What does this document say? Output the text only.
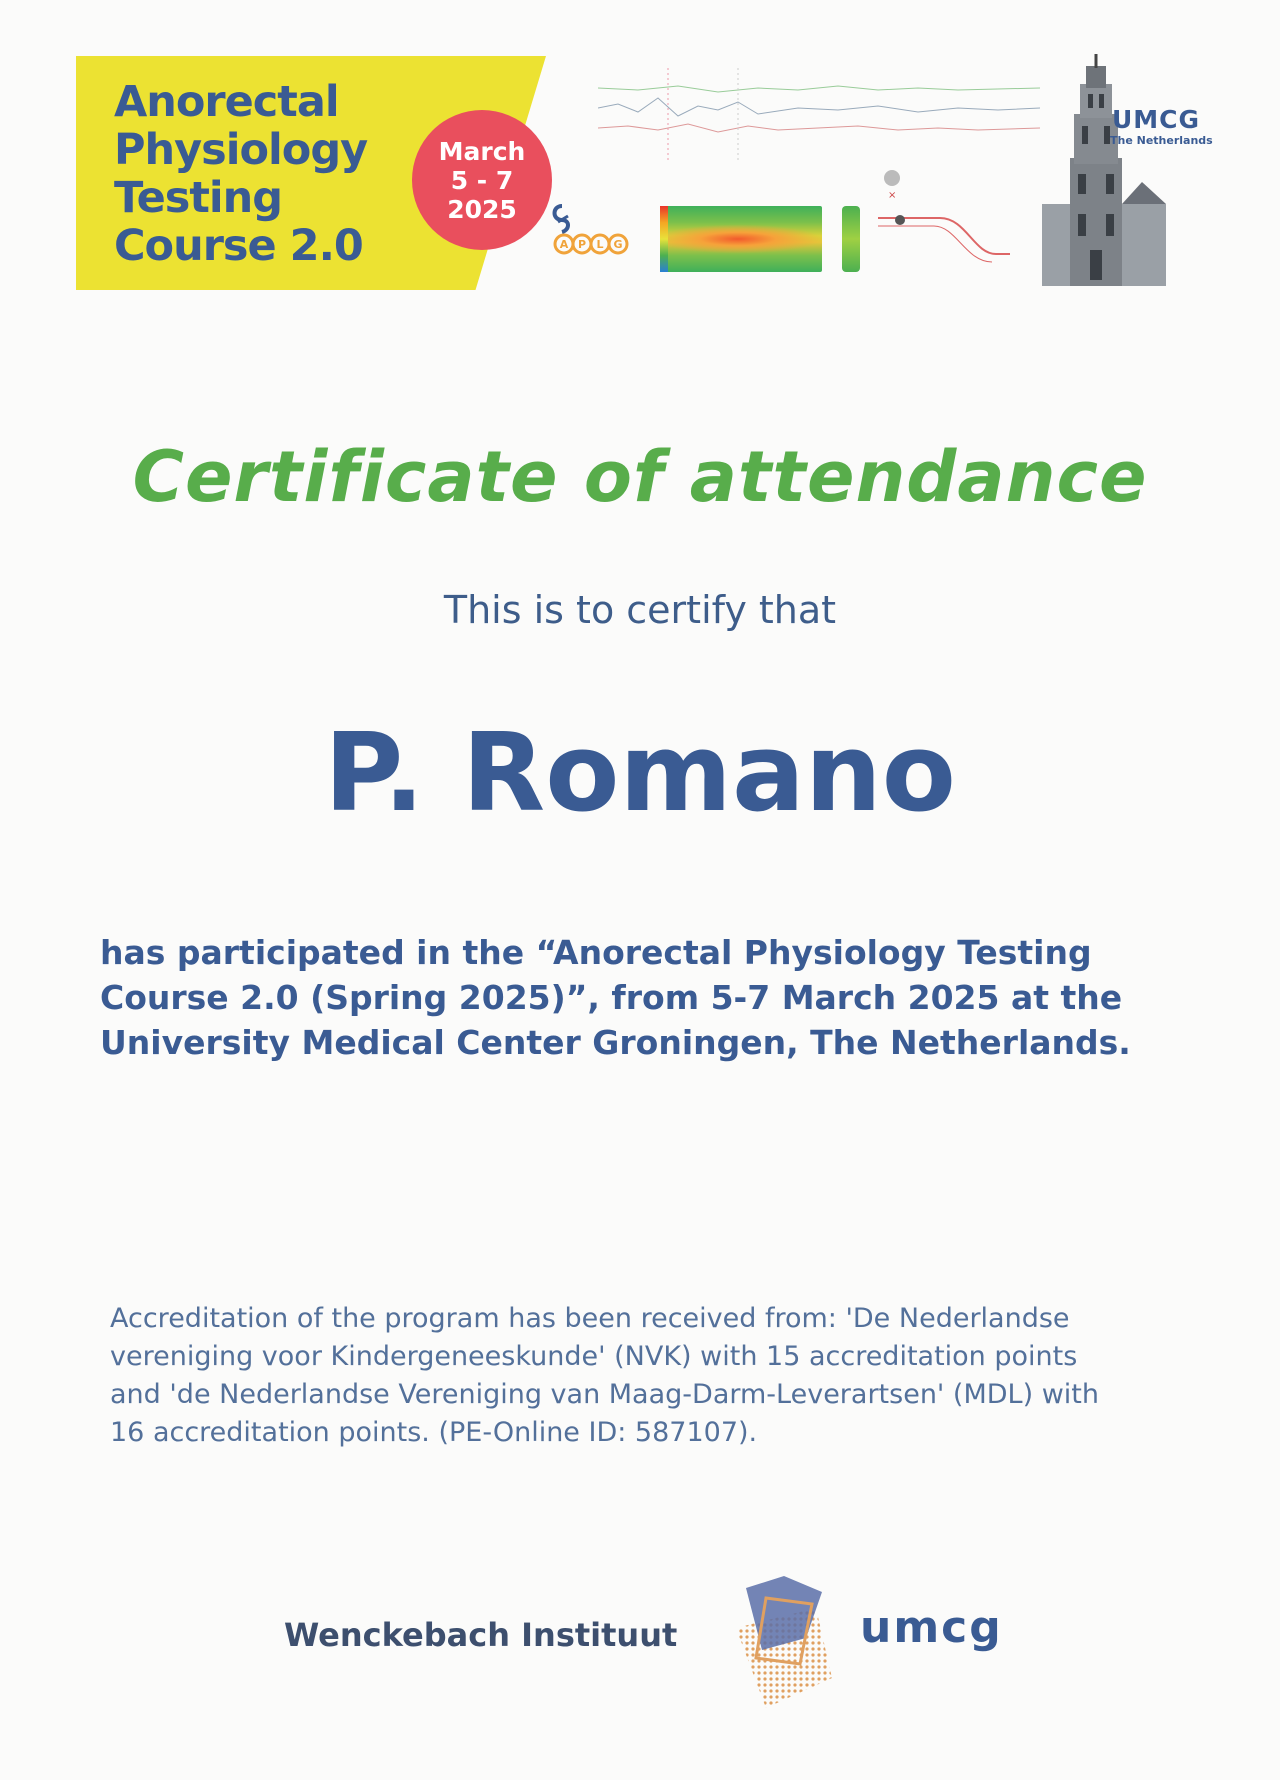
Anorectal
Physiology
Testing
Course 2.0
March
5 - 7
2025
A P L G
×
UMCG
The Netherlands
Certificate of attendance
This is to certify that
P. Romano

has participated in the “Anorectal Physiology Testing
Course 2.0 (Spring 2025)”, from 5-7 March 2025 at the
University Medical Center Groningen, The Netherlands.

Accreditation of the program has been received from: 'De Nederlandse
vereniging voor Kindergeneeskunde' (NVK) with 15 accreditation points
and 'de Nederlandse Vereniging van Maag-Darm-Leverartsen' (MDL) with
16 accreditation points. (PE-Online ID: 587107).

Wenckebach Instituut	umcg
